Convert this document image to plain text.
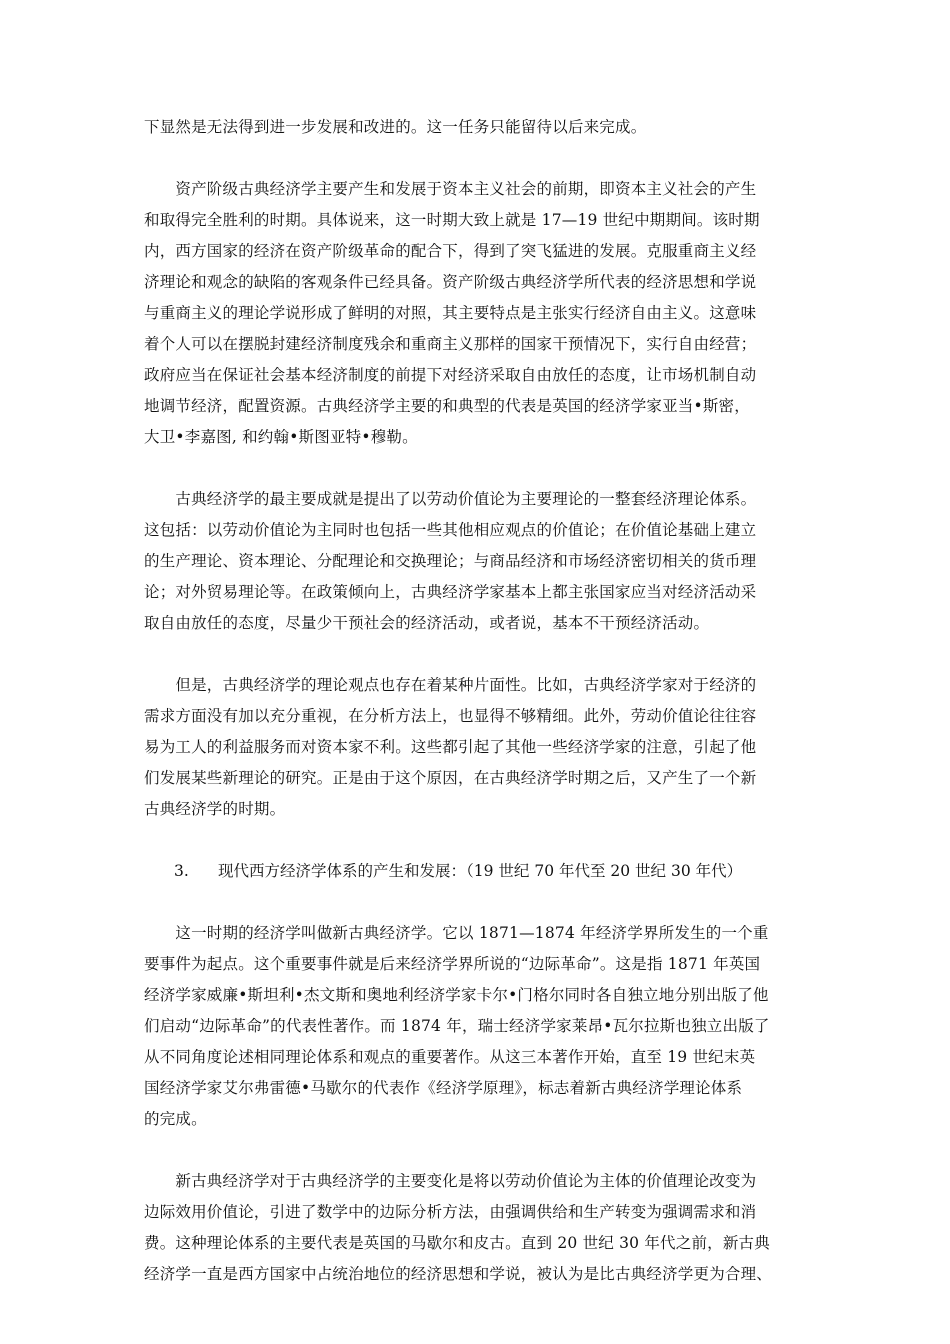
下显然是无法得到进一步发展和改进的。这一任务只能留待以后来完成。
　　资产阶级古典经济学主要产生和发展于资本主义社会的前期，即资本主义社会的产生
和取得完全胜利的时期。具体说来，这一时期大致上就是 17—19 世纪中期期间。该时期
内，西方国家的经济在资产阶级革命的配合下，得到了突飞猛进的发展。克服重商主义经
济理论和观念的缺陷的客观条件已经具备。资产阶级古典经济学所代表的经济思想和学说
与重商主义的理论学说形成了鲜明的对照，其主要特点是主张实行经济自由主义。这意味
着个人可以在摆脱封建经济制度残余和重商主义那样的国家干预情况下，实行自由经营；
政府应当在保证社会基本经济制度的前提下对经济采取自由放任的态度，让市场机制自动
地调节经济，配置资源。古典经济学主要的和典型的代表是英国的经济学家亚当•斯密，
大卫•李嘉图, 和约翰•斯图亚特•穆勒。
　　古典经济学的最主要成就是提出了以劳动价值论为主要理论的一整套经济理论体系。
这包括：以劳动价值论为主同时也包括一些其他相应观点的价值论；在价值论基础上建立
的生产理论、资本理论、分配理论和交换理论；与商品经济和市场经济密切相关的货币理
论；对外贸易理论等。在政策倾向上，古典经济学家基本上都主张国家应当对经济活动采
取自由放任的态度，尽量少干预社会的经济活动，或者说，基本不干预经济活动。
　　但是，古典经济学的理论观点也存在着某种片面性。比如，古典经济学家对于经济的
需求方面没有加以充分重视，在分析方法上，也显得不够精细。此外，劳动价值论往往容
易为工人的利益服务而对资本家不利。这些都引起了其他一些经济学家的注意，引起了他
们发展某些新理论的研究。正是由于这个原因，在古典经济学时期之后，又产生了一个新
古典经济学的时期。
3. 现代西方经济学体系的产生和发展：（19 世纪 70 年代至 20 世纪 30 年代）
　　这一时期的经济学叫做新古典经济学。它以 1871—1874 年经济学界所发生的一个重
要事件为起点。这个重要事件就是后来经济学界所说的“边际革命”。这是指 1871 年英国
经济学家威廉•斯坦利•杰文斯和奥地利经济学家卡尔•门格尔同时各自独立地分别出版了他
们启动“边际革命”的代表性著作。而 1874 年，瑞士经济学家莱昂•瓦尔拉斯也独立出版了
从不同角度论述相同理论体系和观点的重要著作。从这三本著作开始，直至 19 世纪末英
国经济学家艾尔弗雷德•马歇尔的代表作《经济学原理》，标志着新古典经济学理论体系
的完成。
　　新古典经济学对于古典经济学的主要变化是将以劳动价值论为主体的价值理论改变为
边际效用价值论，引进了数学中的边际分析方法，由强调供给和生产转变为强调需求和消
费。这种理论体系的主要代表是英国的马歇尔和皮古。直到 20 世纪 30 年代之前，新古典
经济学一直是西方国家中占统治地位的经济思想和学说，被认为是比古典经济学更为合理、
